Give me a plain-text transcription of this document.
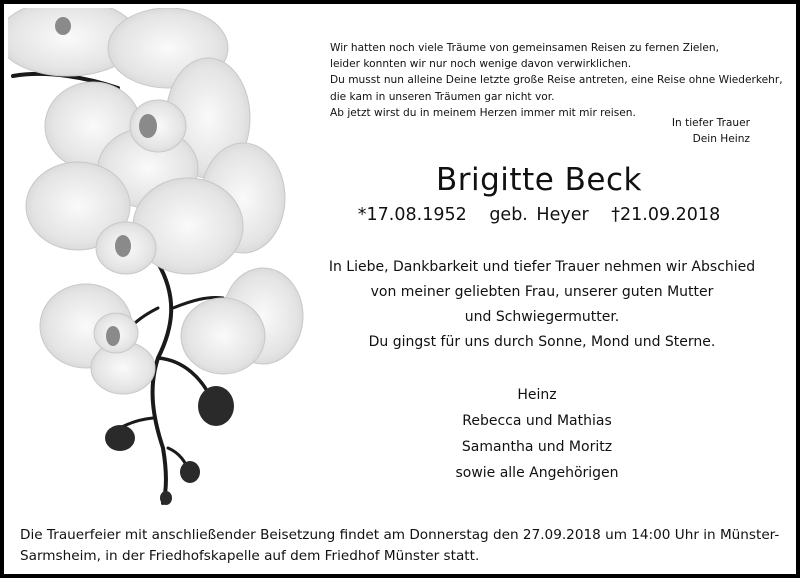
Wir hatten noch viele Träume von gemeinsamen Reisen zu fernen Zielen,
leider konnten wir nur noch wenige davon verwirklichen.
Du musst nun alleine Deine letzte große Reise antreten, eine Reise ohne Wiederkehr,
die kam in unseren Träumen gar nicht vor.
Ab jetzt wirst du in meinem Herzen immer mit mir reisen.
In tiefer Trauer
Dein Heinz
Brigitte Beck
*17.08.1952 geb. Heyer †21.09.2018
In Liebe, Dankbarkeit und tiefer Trauer nehmen wir Abschied
von meiner geliebten Frau, unserer guten Mutter
und Schwiegermutter.
Du gingst für uns durch Sonne, Mond und Sterne.
Heinz
Rebecca und Mathias
Samantha und Moritz
sowie alle Angehörigen
Die Trauerfeier mit anschließender Beisetzung findet am Donnerstag den 27.09.2018 um 14:00 Uhr in Münster-
Sarmsheim, in der Friedhofskapelle auf dem Friedhof Münster statt.
